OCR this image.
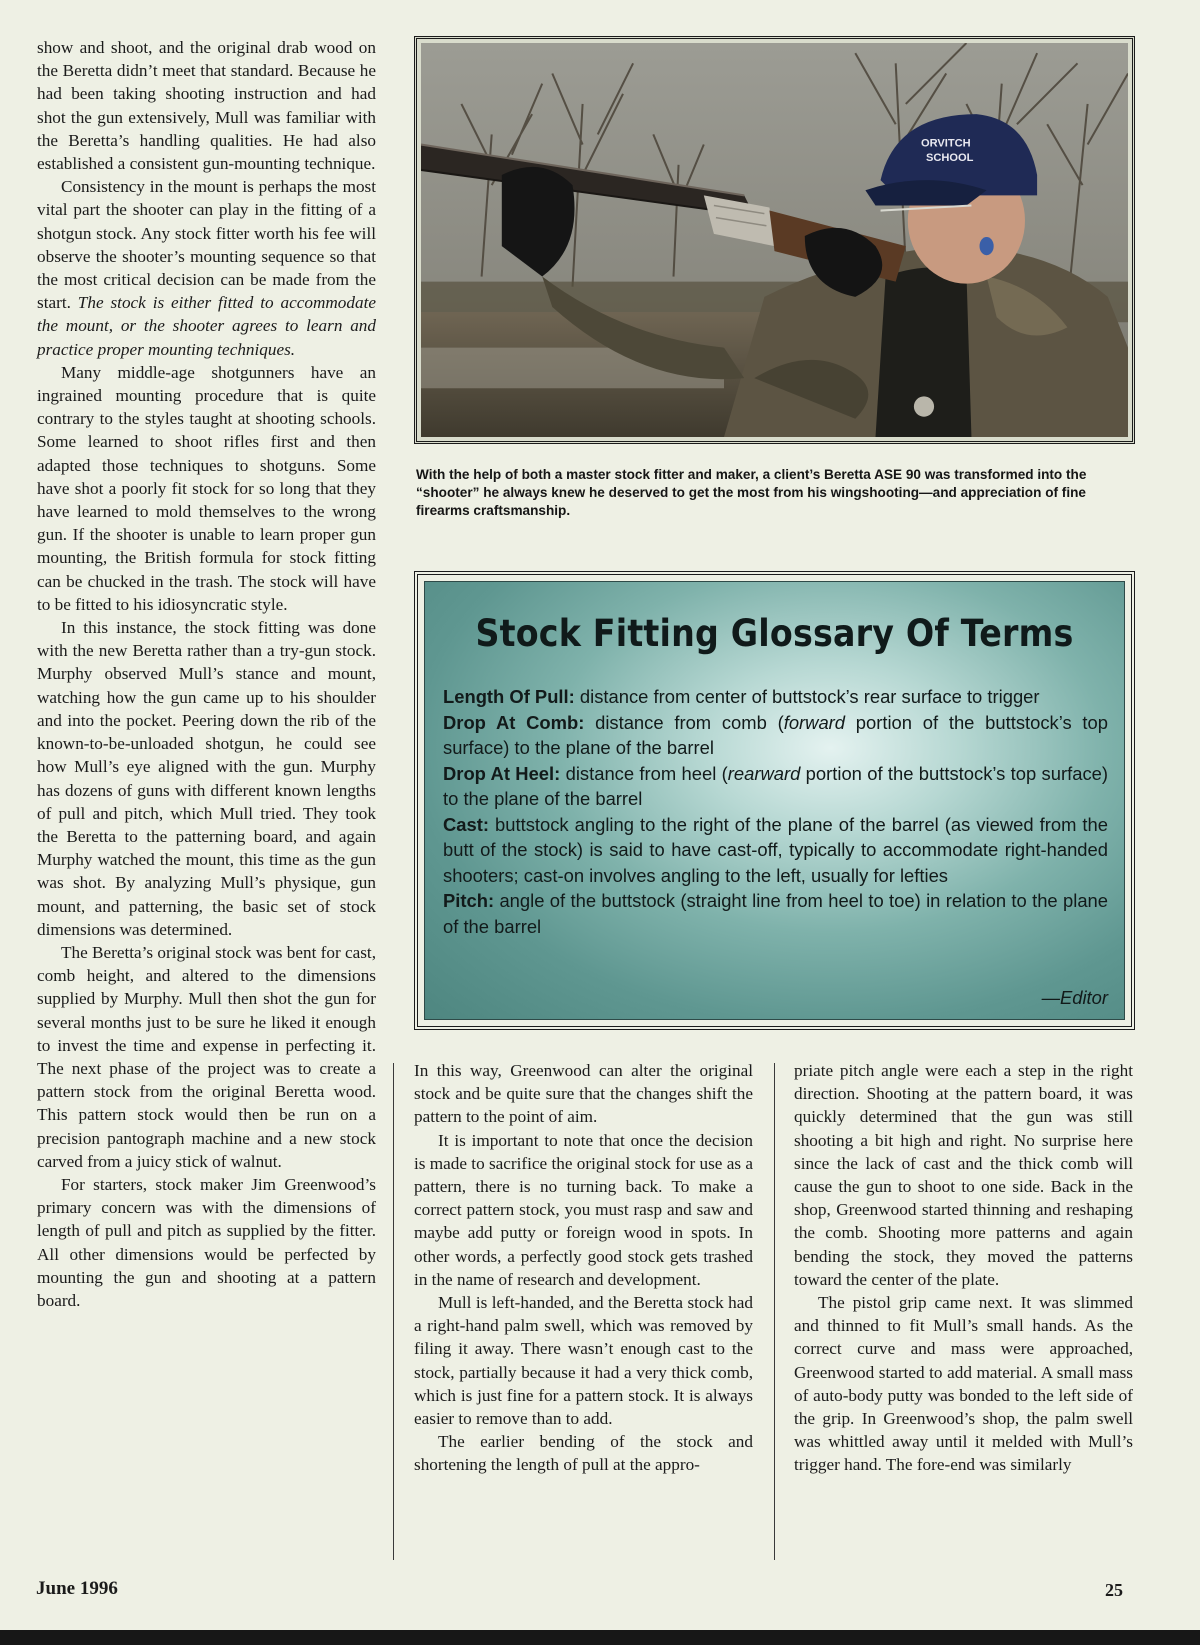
show and shoot, and the original drab wood on the Beretta didn’t meet that standard. Because he had been taking shooting instruction and had shot the gun extensively, Mull was familiar with the Beretta’s handling qualities. He had also established a consistent gun-mounting technique.

Consistency in the mount is perhaps the most vital part the shooter can play in the fitting of a shotgun stock. Any stock fitter worth his fee will observe the shooter’s mounting sequence so that the most critical decision can be made from the start. The stock is either fitted to accommodate the mount, or the shooter agrees to learn and practice proper mounting techniques.

Many middle-age shotgunners have an ingrained mounting procedure that is quite contrary to the styles taught at shooting schools. Some learned to shoot rifles first and then adapted those techniques to shotguns. Some have shot a poorly fit stock for so long that they have learned to mold themselves to the wrong gun. If the shooter is unable to learn proper gun mounting, the British formula for stock fitting can be chucked in the trash. The stock will have to be fitted to his idiosyncratic style.

In this instance, the stock fitting was done with the new Beretta rather than a try-gun stock. Murphy observed Mull’s stance and mount, watching how the gun came up to his shoulder and into the pocket. Peering down the rib of the known-to-be-unloaded shotgun, he could see how Mull’s eye aligned with the gun. Murphy has dozens of guns with different known lengths of pull and pitch, which Mull tried. They took the Beretta to the patterning board, and again Murphy watched the mount, this time as the gun was shot. By analyzing Mull’s physique, gun mount, and patterning, the basic set of stock dimensions was determined.

The Beretta’s original stock was bent for cast, comb height, and altered to the dimensions supplied by Murphy. Mull then shot the gun for several months just to be sure he liked it enough to invest the time and expense in perfecting it. The next phase of the project was to create a pattern stock from the original Beretta wood. This pattern stock would then be run on a precision pantograph machine and a new stock carved from a juicy stick of walnut.

For starters, stock maker Jim Greenwood’s primary concern was with the dimensions of length of pull and pitch as supplied by the fitter. All other dimensions would be perfected by mounting the gun and shooting at a pattern board.

ORVITCH
SCHOOL
With the help of both a master stock fitter and maker, a client’s Beretta ASE 90 was transformed into the “shooter” he always knew he deserved to get the most from his wingshooting—and appreciation of fine firearms craftsmanship.
Stock Fitting Glossary Of Terms

Length Of Pull: distance from center of buttstock’s rear surface to trigger

Drop At Comb: distance from comb (forward portion of the buttstock’s top surface) to the plane of the barrel

Drop At Heel: distance from heel (rearward portion of the buttstock’s top surface) to the plane of the barrel

Cast: buttstock angling to the right of the plane of the barrel (as viewed from the butt of the stock) is said to have cast-off, typically to accommodate right-handed shooters; cast-on involves angling to the left, usually for lefties

Pitch: angle of the buttstock (straight line from heel to toe) in relation to the plane of the barrel

—Editor

In this way, Greenwood can alter the original stock and be quite sure that the changes shift the pattern to the point of aim.

It is important to note that once the decision is made to sacrifice the original stock for use as a pattern, there is no turning back. To make a correct pattern stock, you must rasp and saw and maybe add putty or foreign wood in spots. In other words, a perfectly good stock gets trashed in the name of research and development.

Mull is left-handed, and the Beretta stock had a right-hand palm swell, which was removed by filing it away. There wasn’t enough cast to the stock, partially because it had a very thick comb, which is just fine for a pattern stock. It is always easier to remove than to add.

The earlier bending of the stock and shortening the length of pull at the appro-

priate pitch angle were each a step in the right direction. Shooting at the pattern board, it was quickly determined that the gun was still shooting a bit high and right. No surprise here since the lack of cast and the thick comb will cause the gun to shoot to one side. Back in the shop, Greenwood started thinning and reshaping the comb. Shooting more patterns and again bending the stock, they moved the patterns toward the center of the plate.

The pistol grip came next. It was slimmed and thinned to fit Mull’s small hands. As the correct curve and mass were approached, Greenwood started to add material. A small mass of auto-body putty was bonded to the left side of the grip. In Greenwood’s shop, the palm swell was whittled away until it melded with Mull’s trigger hand. The fore-end was similarly

June 1996	25
